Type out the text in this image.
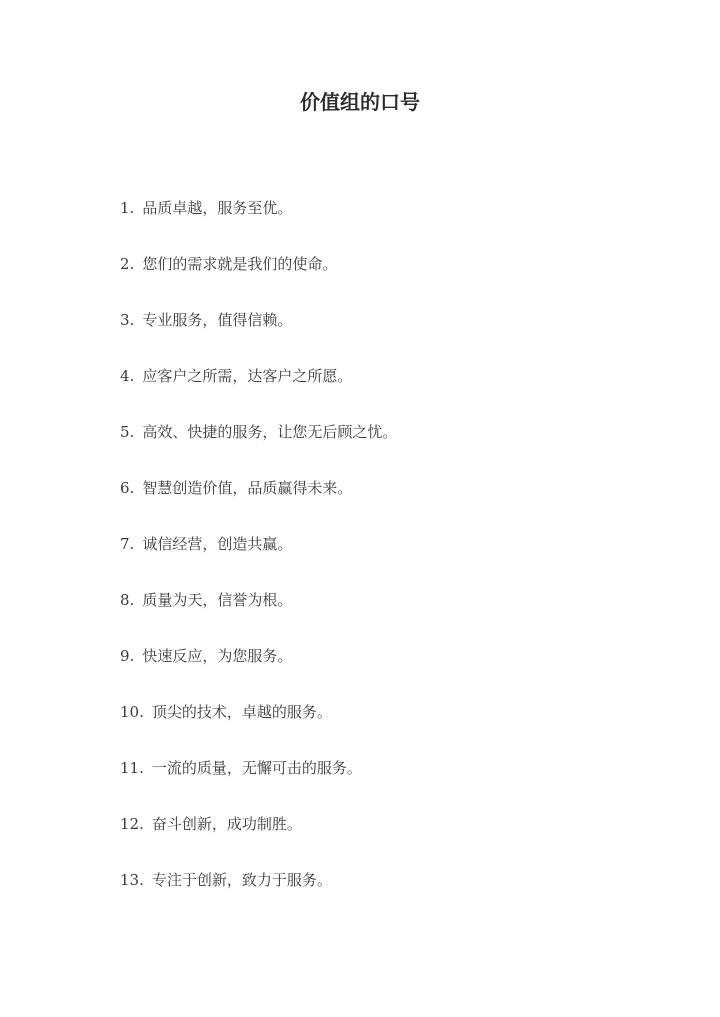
价值组的口号
1. 品质卓越，服务至优。
2. 您们的需求就是我们的使命。
3. 专业服务，值得信赖。
4. 应客户之所需，达客户之所愿。
5. 高效、快捷的服务，让您无后顾之忧。
6. 智慧创造价值，品质赢得未来。
7. 诚信经营，创造共赢。
8. 质量为天，信誉为根。
9. 快速反应，为您服务。
10. 顶尖的技术，卓越的服务。
11. 一流的质量，无懈可击的服务。
12. 奋斗创新，成功制胜。
13. 专注于创新，致力于服务。
